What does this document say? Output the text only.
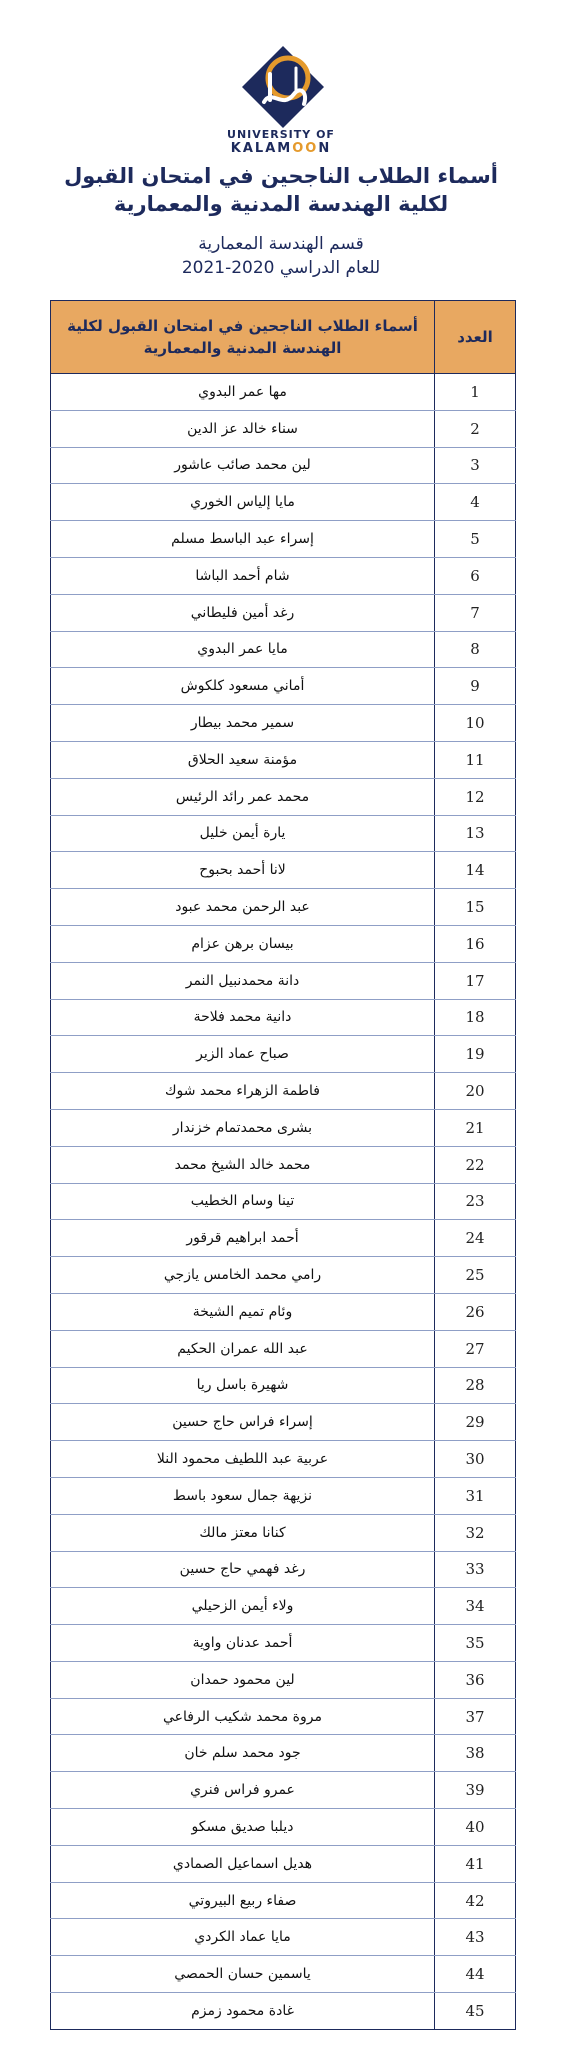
UNIVERSITY OF
KALAMOON
أسماء الطلاب الناجحين في امتحان القبول
لكلية الهندسة المدنية والمعمارية
قسم الهندسة المعمارية
للعام الدراسي 2020-2021
العدد	أسماء الطلاب الناجحين في امتحان القبول لكلية الهندسة المدنية والمعمارية
1	مها عمر البدوي
2	سناء خالد عز الدين
3	لين محمد صائب عاشور
4	مايا إلياس الخوري
5	إسراء عبد الباسط مسلم
6	شام أحمد الباشا
7	رغد أمين فليطاني
8	مايا عمر البدوي
9	أماني مسعود كلكوش
10	سمير محمد بيطار
11	مؤمنة سعيد الحلاق
12	محمد عمر رائد الرئيس
13	يارة أيمن خليل
14	لانا أحمد بحبوح
15	عبد الرحمن محمد عبود
16	بيسان برهن عزام
17	دانة محمدنبيل النمر
18	دانية محمد فلاحة
19	صباح عماد الزير
20	فاطمة الزهراء محمد شوك
21	بشرى محمدتمام خزندار
22	محمد خالد الشيخ محمد
23	تينا وسام الخطيب
24	أحمد ابراهيم قرقور
25	رامي محمد الخامس يازجي
26	وئام تميم الشيخة
27	عبد الله عمران الحكيم
28	شهيرة باسل ريا
29	إسراء فراس حاج حسين
30	عربية عبد اللطيف محمود النلا
31	نزيهة جمال سعود باسط
32	كنانا معتز مالك
33	رغد فهمي حاج حسين
34	ولاء أيمن الزحيلي
35	أحمد عدنان واوية
36	لين محمود حمدان
37	مروة محمد شكيب الرفاعي
38	جود محمد سلم خان
39	عمرو فراس فنري
40	ديلبا صديق مسكو
41	هديل اسماعيل الصمادي
42	صفاء ربيع البيروتي
43	مايا عماد الكردي
44	ياسمين حسان الحمصي
45	غادة محمود زمزم
